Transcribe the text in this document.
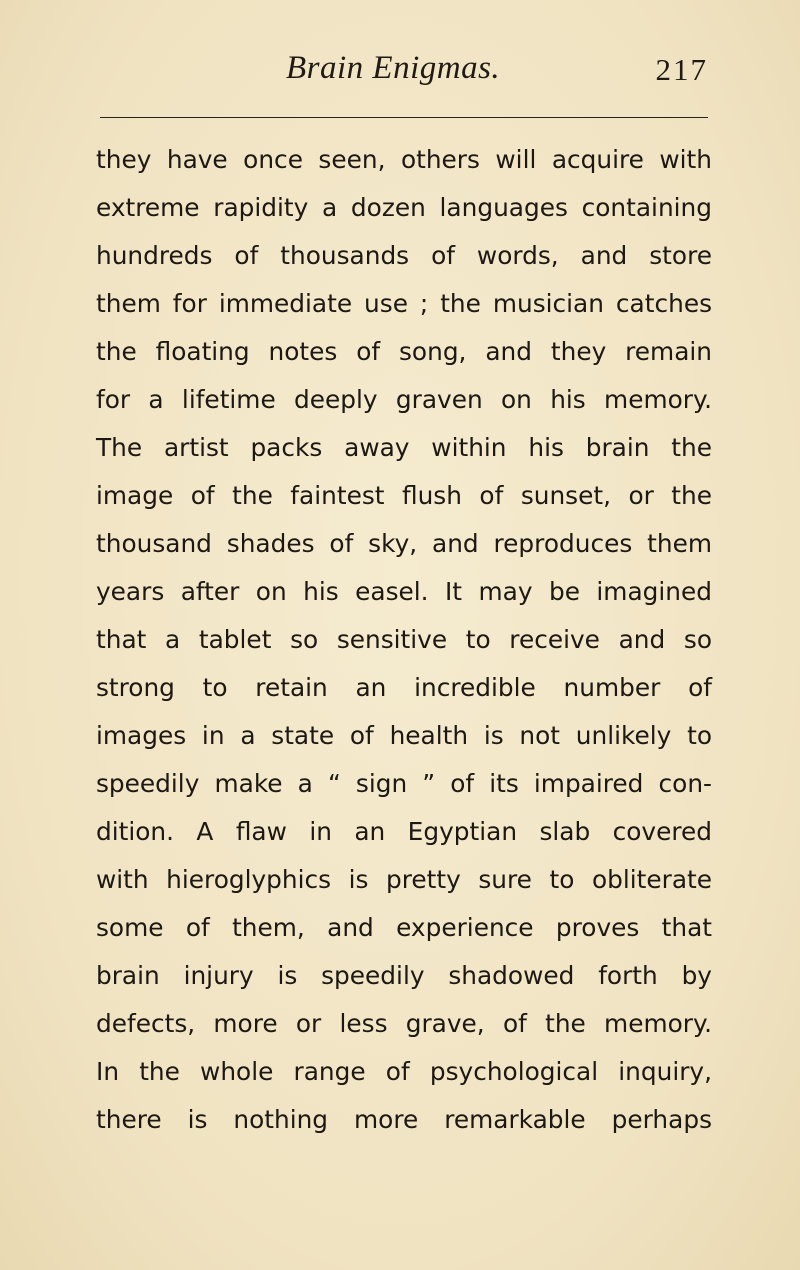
Brain Enigmas.	217
they have once seen, others will acquire with
extreme rapidity a dozen languages containing
hundreds of thousands of words, and store
them for immediate use ; the musician catches
the floating notes of song, and they remain
for a lifetime deeply graven on his memory.
The artist packs away within his brain the
image of the faintest flush of sunset, or the
thousand shades of sky, and reproduces them
years after on his easel. It may be imagined
that a tablet so sensitive to receive and so
strong to retain an incredible number of
images in a state of health is not unlikely to
speedily make a “ sign ” of its impaired con-
dition. A flaw in an Egyptian slab covered
with hieroglyphics is pretty sure to obliterate
some of them, and experience proves that
brain injury is speedily shadowed forth by
defects, more or less grave, of the memory.
In the whole range of psychological inquiry,
there is nothing more remarkable perhaps
